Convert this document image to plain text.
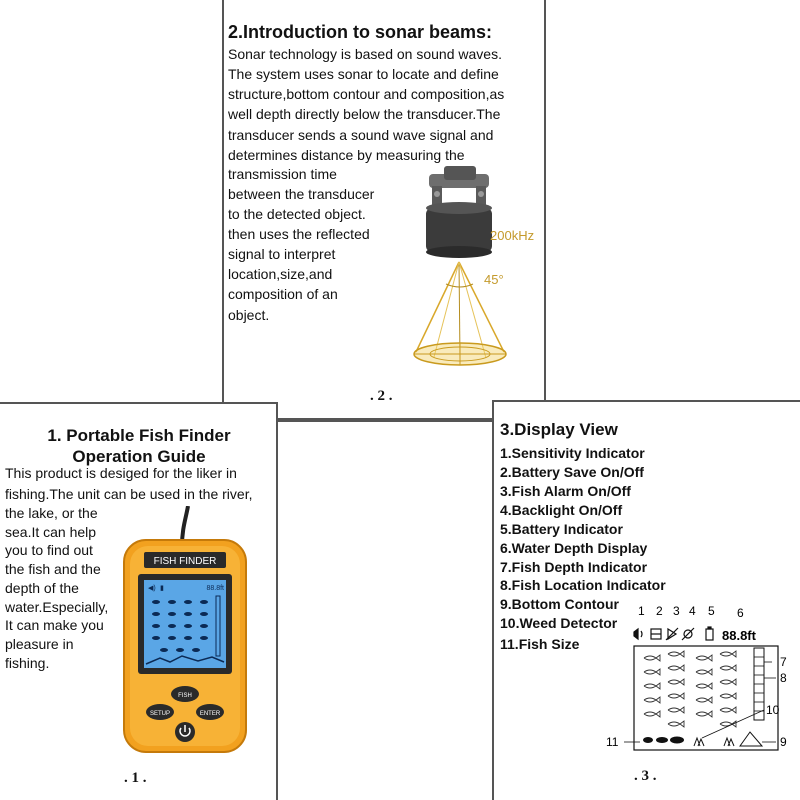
2.Introduction to sonar beams:
Sonar technology is based on sound waves.
The system uses sonar to locate and define
structure,bottom contour and composition,as
well depth directly below the transducer.The
transducer sends a sound wave signal and
determines distance by measuring the
transmission time
between the transducer
to the detected object.
then uses the reflected
signal to interpret
location,size,and
composition of an
object.
200kHz
45°
. 2 .
1. Portable Fish Finder
Operation Guide
This product is desiged for the liker in
fishing.The unit can be used in the river,
the lake, or the
sea.It can help
you to find out
the fish and the
depth of the
water.Especially,
It can make you
pleasure in
fishing.
FISH FINDER
88.8ft
◀) ▮
FISH
SETUP	ENTER
. 1 .
3.Display View
1.Sensitivity Indicator
2.Battery Save On/Off
3.Fish Alarm On/Off
4.Backlight On/Off
5.Battery Indicator
6.Water Depth Display
7.Fish Depth Indicator
8.Fish Location Indicator
9.Bottom Contour
10.Weed Detector
11.Fish Size
1 2 3 4 5 6
88.8ft
7
8
9
10
11
. 3 .
